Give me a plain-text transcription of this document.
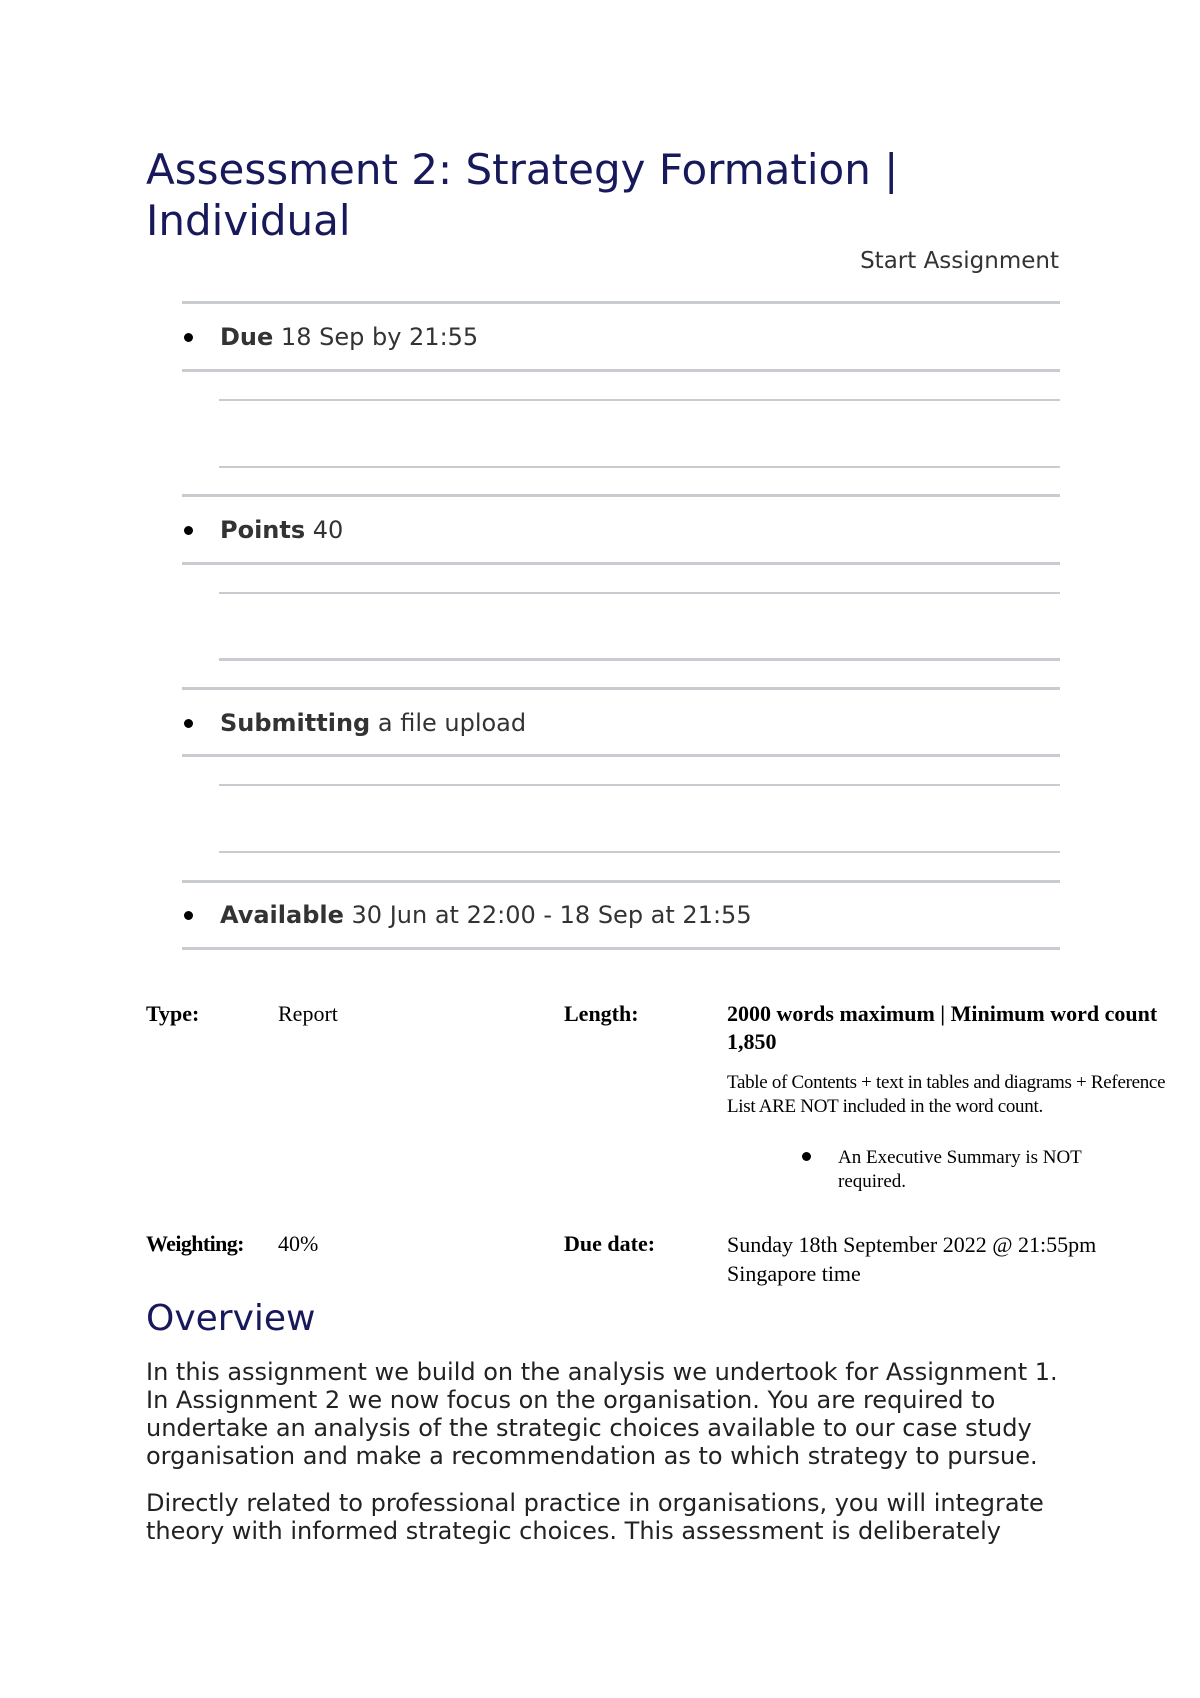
Assessment 2: Strategy Formation | Individual
Start Assignment
Due 18 Sep by 21:55
Points 40
Submitting a file upload
Available 30 Jun at 22:00 - 18 Sep at 21:55
Type:	Report	Length:	2000 words maximum | Minimum word count 1,850
Table of Contents + text in tables and diagrams + Reference List ARE NOT included in the word count.
An Executive Summary is NOT required.
Weighting: 40%	Due date:	Sunday 18th September 2022 @ 21:55pm Singapore time
Overview

In this assignment we build on the analysis we undertook for Assignment 1. In Assignment 2 we now focus on the organisation. You are required to undertake an analysis of the strategic choices available to our case study organisation and make a recommendation as to which strategy to pursue.

Directly related to professional practice in organisations, you will integrate theory with informed strategic choices. This assessment is deliberately
